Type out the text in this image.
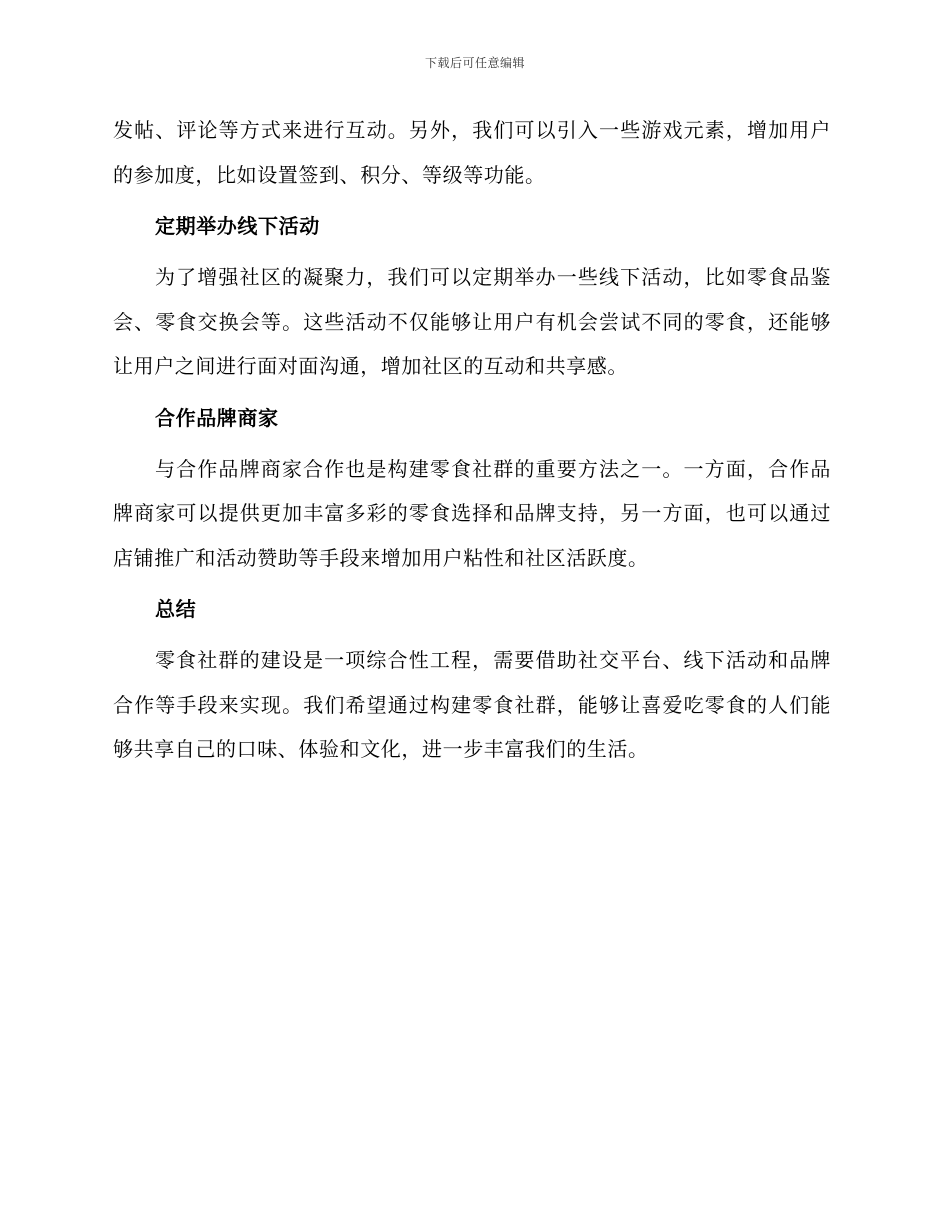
下载后可任意编辑

发帖、评论等方式来进行互动。另外，我们可以引入一些游戏元素，增加用户的参加度，比如设置签到、积分、等级等功能。

定期举办线下活动

为了增强社区的凝聚力，我们可以定期举办一些线下活动，比如零食品鉴会、零食交换会等。这些活动不仅能够让用户有机会尝试不同的零食，还能够让用户之间进行面对面沟通，增加社区的互动和共享感。

合作品牌商家

与合作品牌商家合作也是构建零食社群的重要方法之一。一方面，合作品牌商家可以提供更加丰富多彩的零食选择和品牌支持，另一方面，也可以通过店铺推广和活动赞助等手段来增加用户粘性和社区活跃度。

总结

零食社群的建设是一项综合性工程，需要借助社交平台、线下活动和品牌合作等手段来实现。我们希望通过构建零食社群，能够让喜爱吃零食的人们能够共享自己的口味、体验和文化，进一步丰富我们的生活。
